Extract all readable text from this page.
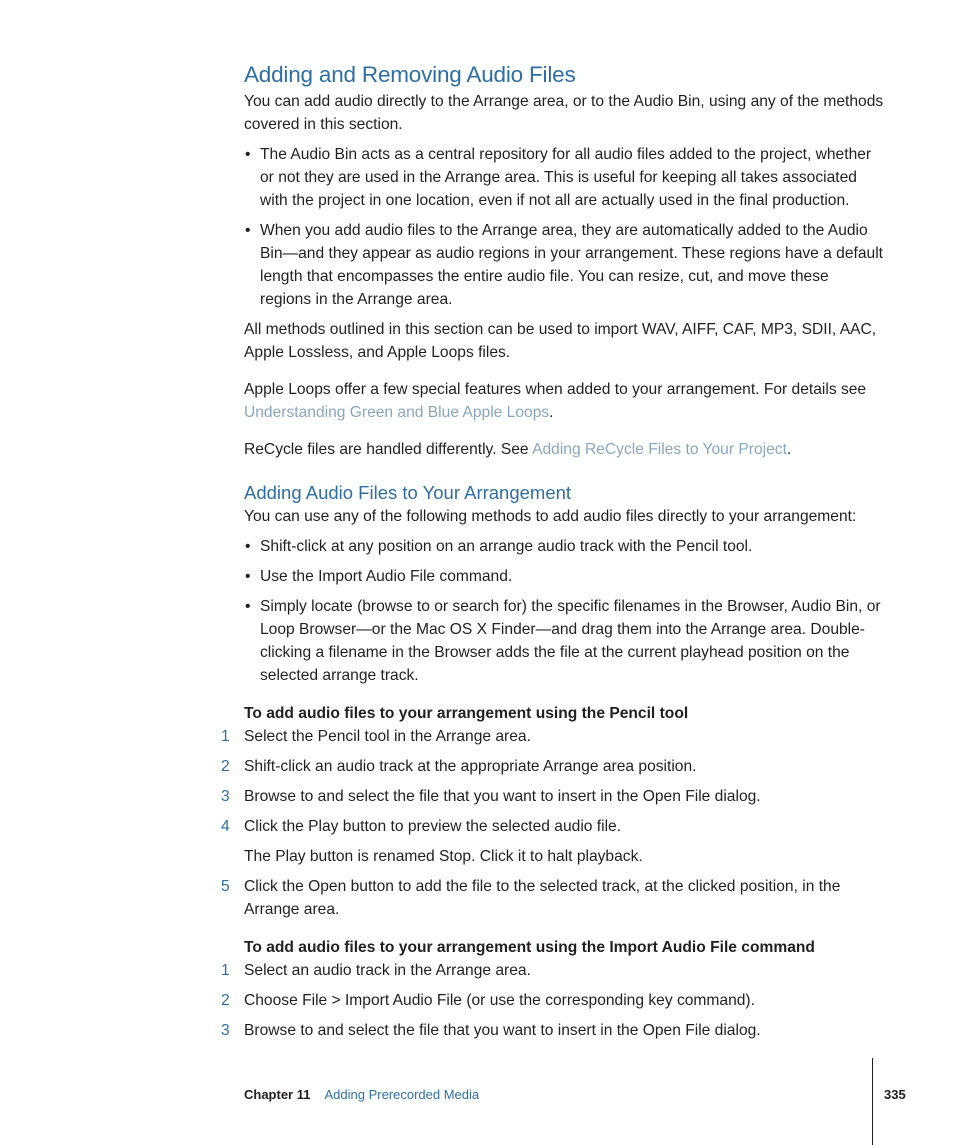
Adding and Removing Audio Files

You can add audio directly to the Arrange area, or to the Audio Bin, using any of the methods covered in this section.

• The Audio Bin acts as a central repository for all audio files added to the project, whether or not they are used in the Arrange area. This is useful for keeping all takes associated with the project in one location, even if not all are actually used in the final production.
• When you add audio files to the Arrange area, they are automatically added to the Audio Bin—and they appear as audio regions in your arrangement. These regions have a default length that encompasses the entire audio file. You can resize, cut, and move these regions in the Arrange area.

All methods outlined in this section can be used to import WAV, AIFF, CAF, MP3, SDII, AAC, Apple Lossless, and Apple Loops files.

Apple Loops offer a few special features when added to your arrangement. For details see Understanding Green and Blue Apple Loops.

ReCycle files are handled differently. See Adding ReCycle Files to Your Project.

Adding Audio Files to Your Arrangement

You can use any of the following methods to add audio files directly to your arrangement:

• Shift-click at any position on an arrange audio track with the Pencil tool.
• Use the Import Audio File command.
• Simply locate (browse to or search for) the specific filenames in the Browser, Audio Bin, or Loop Browser—or the Mac OS X Finder—and drag them into the Arrange area. Double-clicking a filename in the Browser adds the file at the current playhead position on the selected arrange track.
To add audio files to your arrangement using the Pencil tool
1 Select the Pencil tool in the Arrange area.
2 Shift-click an audio track at the appropriate Arrange area position.
3 Browse to and select the file that you want to insert in the Open File dialog.
4 Click the Play button to preview the selected audio file.
The Play button is renamed Stop. Click it to halt playback.
5 Click the Open button to add the file to the selected track, at the clicked position, in the Arrange area.
To add audio files to your arrangement using the Import Audio File command
1 Select an audio track in the Arrange area.
2 Choose File > Import Audio File (or use the corresponding key command).
3 Browse to and select the file that you want to insert in the Open File dialog.
Chapter 11 Adding Prerecorded Media	335
